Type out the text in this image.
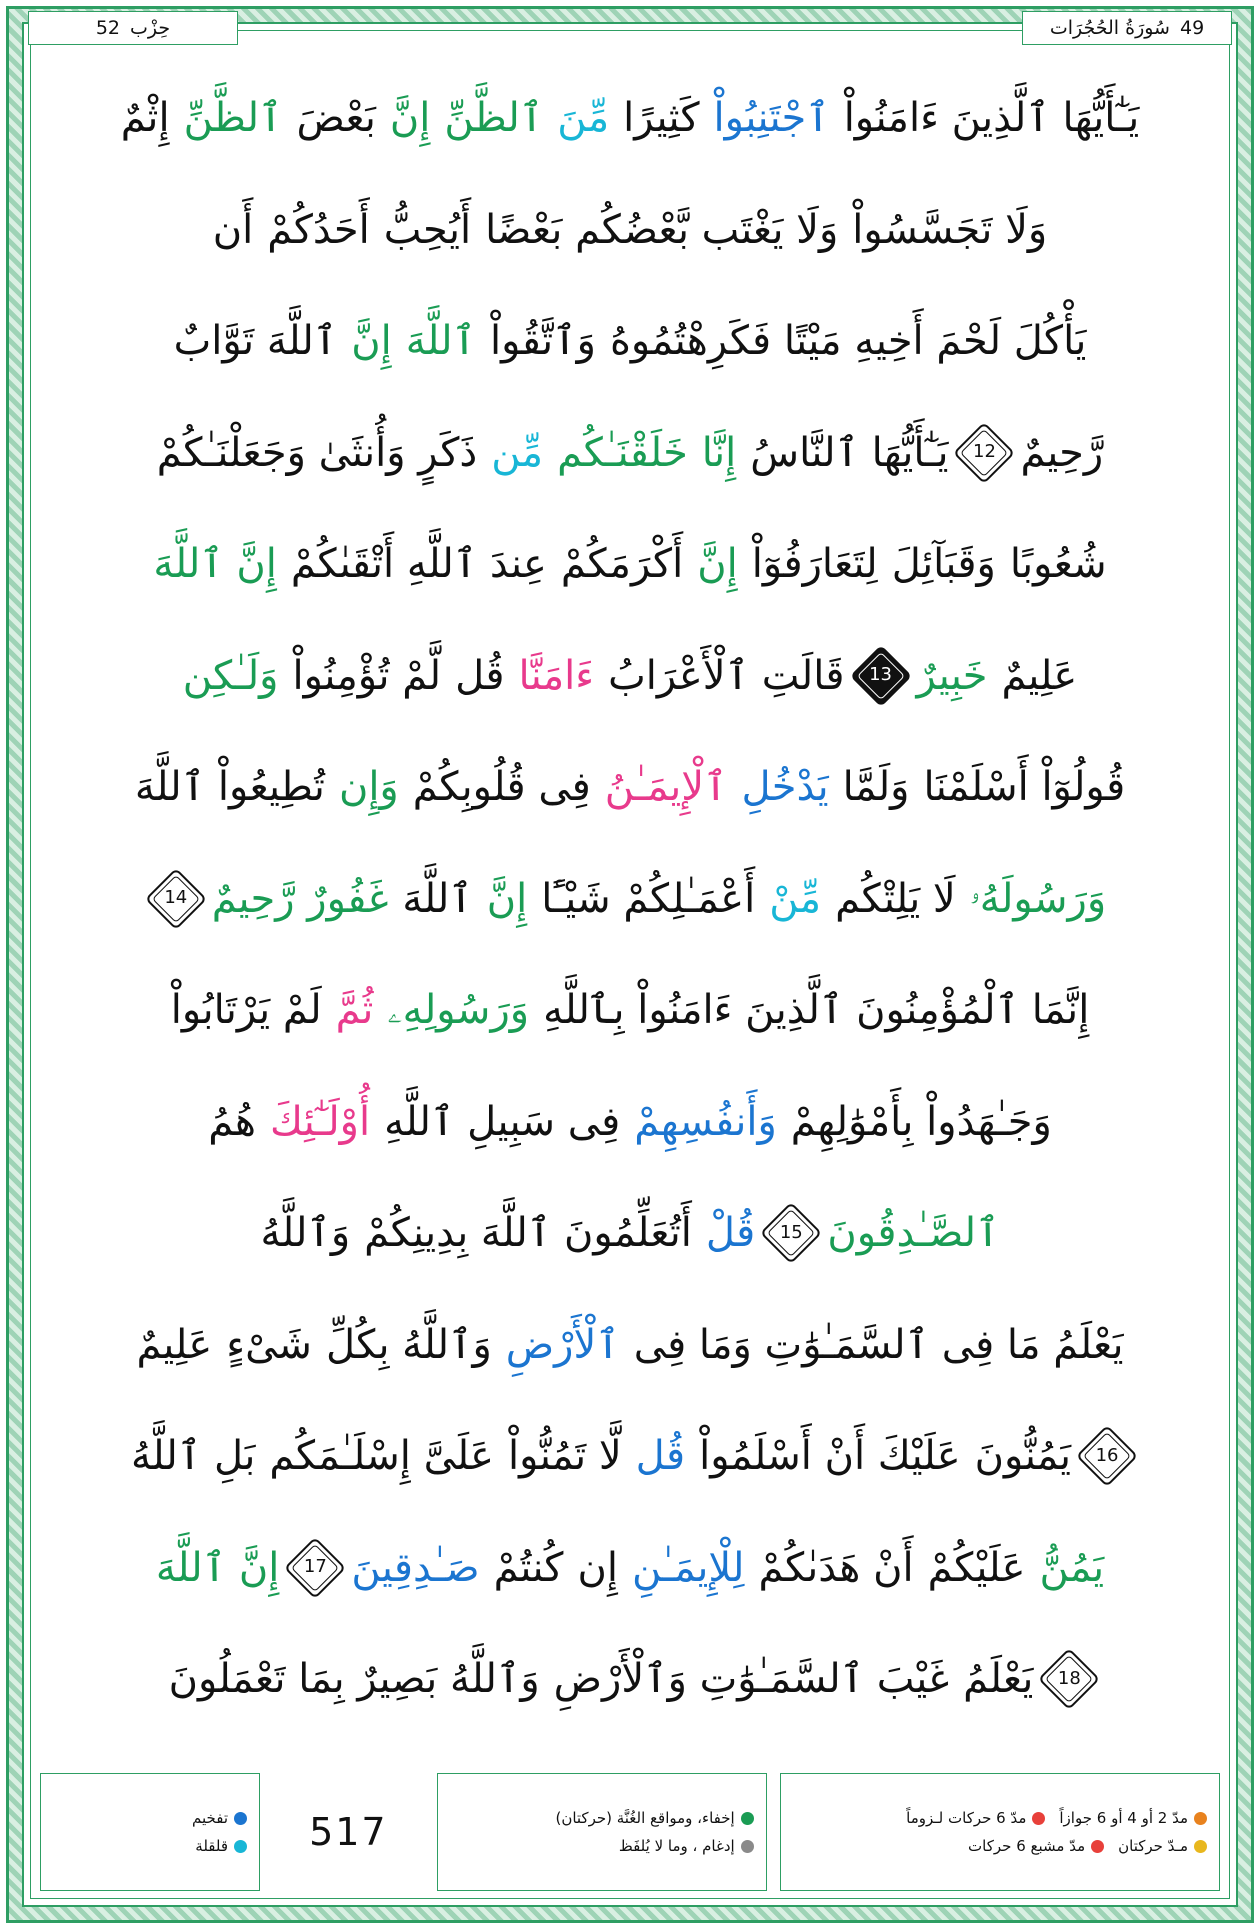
49
سُورَةُ الحُجُرَات
حِزْب
52
يَـٰٓأَيُّهَا ٱلَّذِينَ ءَامَنُواْ
ٱجْتَنِبُواْ
كَثِيرًا
مِّنَ
ٱلظَّنِّ
إِنَّ
بَعْضَ
ٱلظَّنِّ
إِثْمٌ
وَلَا تَجَسَّسُواْ
وَلَا يَغْتَب بَّعْضُكُم بَعْضًا
أَيُحِبُّ
أَحَدُكُمْ
أَن
يَأْكُلَ لَحْمَ أَخِيهِ مَيْتًا فَكَرِهْتُمُوهُ
وَٱتَّقُواْ
ٱللَّهَ
إِنَّ
ٱللَّهَ تَوَّابٌ
رَّحِيمٌ
12
يَـٰٓأَيُّهَا ٱلنَّاسُ
إِنَّا
خَلَقْنَـٰكُم
مِّن
ذَكَرٍ وَأُنثَىٰ وَجَعَلْنَـٰكُمْ
شُعُوبًا
وَقَبَآئِلَ
لِتَعَارَفُوٓاْ
إِنَّ
أَكْرَمَكُمْ
عِندَ ٱللَّهِ أَتْقَىٰكُمْ
إِنَّ ٱللَّهَ
عَلِيمٌ
خَبِيرٌ
13
قَالَتِ ٱلْأَعْرَابُ
ءَامَنَّا
قُل
لَّمْ تُؤْمِنُواْ
وَلَـٰكِن
قُولُوٓاْ أَسْلَمْنَا
وَلَمَّا
يَدْخُلِ
ٱلْإِيمَـٰنُ
فِى قُلُوبِكُمْ
وَإِن
تُطِيعُواْ ٱللَّهَ
وَرَسُولَهُۥ
لَا يَلِتْكُم
مِّنْ
أَعْمَـٰلِكُمْ شَيْـًٔا
إِنَّ
ٱللَّهَ
غَفُورٌ رَّحِيمٌ
14
إِنَّمَا ٱلْمُؤْمِنُونَ ٱلَّذِينَ ءَامَنُواْ بِٱللَّهِ
وَرَسُولِهِۦ
ثُمَّ
لَمْ يَرْتَابُواْ
وَجَـٰهَدُواْ بِأَمْوَٰلِهِمْ
وَأَنفُسِهِمْ
فِى سَبِيلِ ٱللَّهِ
أُوْلَـٰٓئِكَ
هُمُ
ٱلصَّـٰدِقُونَ
15
قُلْ
أَتُعَلِّمُونَ ٱللَّهَ بِدِينِكُمْ
وَٱللَّهُ
يَعْلَمُ مَا فِى ٱلسَّمَـٰوَٰتِ وَمَا فِى
ٱلْأَرْضِ
وَٱللَّهُ بِكُلِّ
شَىْءٍ
عَلِيمٌ
16
يَمُنُّونَ
عَلَيْكَ أَنْ أَسْلَمُواْ
قُل
لَّا تَمُنُّواْ
عَلَىَّ إِسْلَـٰمَكُم
بَلِ ٱللَّهُ
يَمُنُّ
عَلَيْكُمْ
أَنْ هَدَىٰكُمْ
لِلْإِيمَـٰنِ
إِن
كُنتُمْ
صَـٰدِقِينَ
17
إِنَّ ٱللَّهَ
18
يَعْلَمُ
غَيْبَ ٱلسَّمَـٰوَٰتِ وَٱلْأَرْضِ
وَٱللَّهُ بَصِيرٌ بِمَا تَعْمَلُونَ
مدّ 2 أو 4 أو 6 جوازاً
مدّ 6 حركات لـزوماً
مـدّ حركتان
مدّ مشبع 6 حركات
إخفاء، ومواقع الغُنَّة (حركتان)
إدغام ، وما لا يُلفَظ
517
تفخيم
قلقلة
